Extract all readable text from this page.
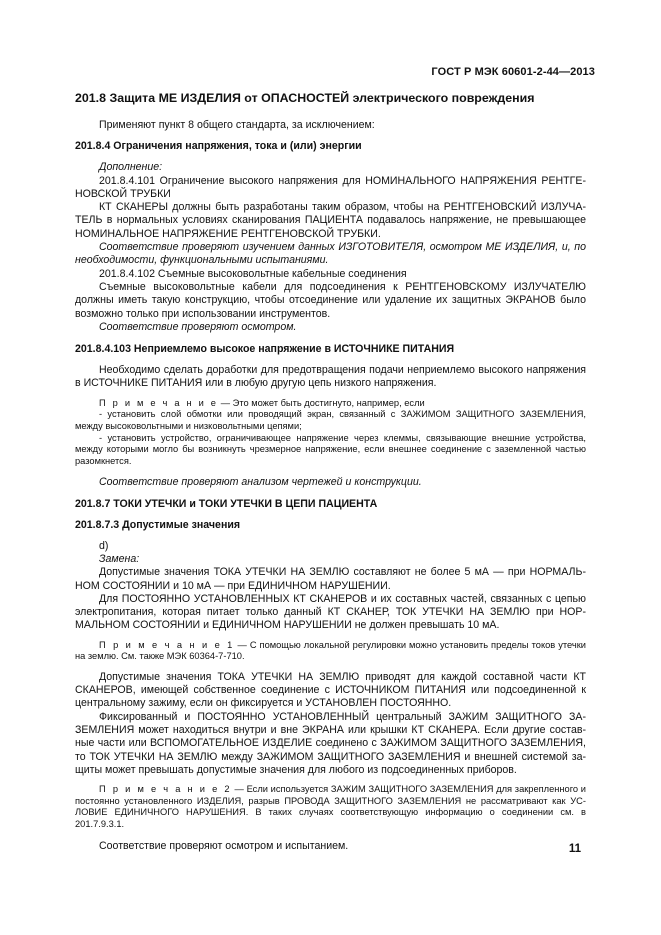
ГОСТ Р МЭК 60601-2-44—2013

201.8 Защита МЕ ИЗДЕЛИЯ от ОПАСНОСТЕЙ электрического повреждения

Применяют пункт 8 общего стандарта, за исключением:

201.8.4 Ограничения напряжения, тока и (или) энергии

Дополнение:

201.8.4.101 Ограничение высокого напряжения для НОМИНАЛЬНОГО НАПРЯЖЕНИЯ РЕНТГЕНОВСКОЙ ТРУБКИ

КТ СКАНЕРЫ должны быть разработаны таким образом, чтобы на РЕНТГЕНОВСКИЙ ИЗЛУЧАТЕЛЬ в нормальных условиях сканирования ПАЦИЕНТА подавалось напряжение, не превышающее НОМИНАЛЬНОЕ НАПРЯЖЕНИЕ РЕНТГЕНОВСКОЙ ТРУБКИ.

Соответствие проверяют изучением данных ИЗГОТОВИТЕЛЯ, осмотром МЕ ИЗДЕЛИЯ, и, по необходимости, функциональными испытаниями.

201.8.4.102 Съемные высоковольтные кабельные соединения

Съемные высоковольтные кабели для подсоединения к РЕНТГЕНОВСКОМУ ИЗЛУЧАТЕЛЮ должны иметь такую конструкцию, чтобы отсоединение или удаление их защитных ЭКРАНОВ было возможно только при использовании инструментов.

Соответствие проверяют осмотром.

201.8.4.103 Неприемлемо высокое напряжение в ИСТОЧНИКЕ ПИТАНИЯ

Необходимо сделать доработки для предотвращения подачи неприемлемо высокого напряжения в ИСТОЧНИКЕ ПИТАНИЯ или в любую другую цепь низкого напряжения.

П р и м е ч а н и е — Это может быть достигнуто, например, если

- установить слой обмотки или проводящий экран, связанный с ЗАЖИМОМ ЗАЩИТНОГО ЗАЗЕМЛЕНИЯ, между высоковольтными и низковольтными цепями;

- установить устройство, ограничивающее напряжение через клеммы, связывающие внешние устройства, между которыми могло бы возникнуть чрезмерное напряжение, если внешнее соединение с заземленной частью разомкнется.

Соответствие проверяют анализом чертежей и конструкции.

201.8.7 ТОКИ УТЕЧКИ и ТОКИ УТЕЧКИ В ЦЕПИ ПАЦИЕНТА

201.8.7.3 Допустимые значения

d)

Замена:

Допустимые значения ТОКА УТЕЧКИ НА ЗЕМЛЮ составляют не более 5 мА — при НОРМАЛЬНОМ СОСТОЯНИИ и 10 мА — при ЕДИНИЧНОМ НАРУШЕНИИ.

Для ПОСТОЯННО УСТАНОВЛЕННЫХ КТ СКАНЕРОВ и их составных частей, связанных с цепью электропитания, которая питает только данный КТ СКАНЕР, ТОК УТЕЧКИ НА ЗЕМЛЮ при НОРМАЛЬНОМ СОСТОЯНИИ и ЕДИНИЧНОМ НАРУШЕНИИ не должен превышать 10 мА.

П р и м е ч а н и е 1 — С помощью локальной регулировки можно установить пределы токов утечки на землю. См. также МЭК 60364-7-710.

Допустимые значения ТОКА УТЕЧКИ НА ЗЕМЛЮ приводят для каждой составной части КТ СКАНЕРОВ, имеющей собственное соединение с ИСТОЧНИКОМ ПИТАНИЯ или подсоединенной к центральному зажиму, если он фиксируется и УСТАНОВЛЕН ПОСТОЯННО.

Фиксированный и ПОСТОЯННО УСТАНОВЛЕННЫЙ центральный ЗАЖИМ ЗАЩИТНОГО ЗАЗЕМЛЕНИЯ может находиться внутри и вне ЭКРАНА или крышки КТ СКАНЕРА. Если другие составные части или ВСПОМОГАТЕЛЬНОЕ ИЗДЕЛИЕ соединено с ЗАЖИМОМ ЗАЩИТНОГО ЗАЗЕМЛЕНИЯ, то ТОК УТЕЧКИ НА ЗЕМЛЮ между ЗАЖИМОМ ЗАЩИТНОГО ЗАЗЕМЛЕНИЯ и внешней системой защиты может превышать допустимые значения для любого из подсоединенных приборов.

П р и м е ч а н и е 2 — Если используется ЗАЖИМ ЗАЩИТНОГО ЗАЗЕМЛЕНИЯ для закрепленного и постоянно установленного ИЗДЕЛИЯ, разрыв ПРОВОДА ЗАЩИТНОГО ЗАЗЕМЛЕНИЯ не рассматривают как УСЛОВИЕ ЕДИНИЧНОГО НАРУШЕНИЯ. В таких случаях соответствующую информацию о соединении см. в 201.7.9.3.1.

Соответствие проверяют осмотром и испытанием.	11
